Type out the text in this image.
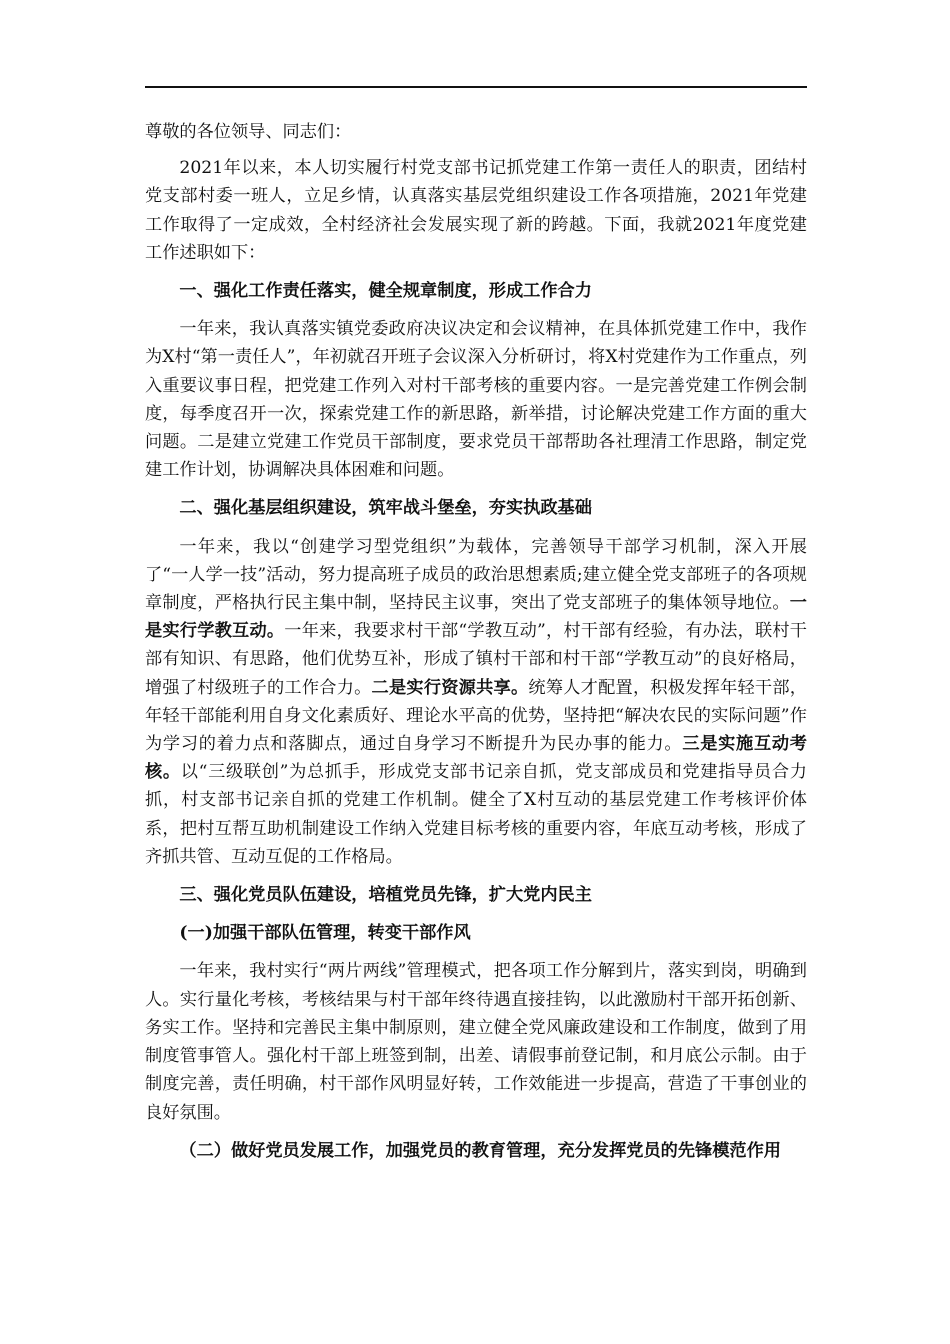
尊敬的各位领导、同志们：

2021年以来，本人切实履行村党支部书记抓党建工作第一责任人的职责，团结村党支部村委一班人，立足乡情，认真落实基层党组织建设工作各项措施，2021年党建工作取得了一定成效，全村经济社会发展实现了新的跨越。下面，我就2021年度党建工作述职如下：

一、强化工作责任落实，健全规章制度，形成工作合力

一年来，我认真落实镇党委政府决议决定和会议精神，在具体抓党建工作中，我作为X村“第一责任人”，年初就召开班子会议深入分析研讨，将X村党建作为工作重点，列入重要议事日程，把党建工作列入对村干部考核的重要内容。一是完善党建工作例会制度，每季度召开一次，探索党建工作的新思路，新举措，讨论解决党建工作方面的重大问题。二是建立党建工作党员干部制度，要求党员干部帮助各社理清工作思路，制定党建工作计划，协调解决具体困难和问题。

二、强化基层组织建设，筑牢战斗堡垒，夯实执政基础

一年来，我以“创建学习型党组织”为载体，完善领导干部学习机制，深入开展了“一人学一技”活动，努力提高班子成员的政治思想素质;建立健全党支部班子的各项规章制度，严格执行民主集中制，坚持民主议事，突出了党支部班子的集体领导地位。一是实行学教互动。一年来，我要求村干部“学教互动”，村干部有经验，有办法，联村干部有知识、有思路，他们优势互补，形成了镇村干部和村干部“学教互动”的良好格局，增强了村级班子的工作合力。二是实行资源共享。统筹人才配置，积极发挥年轻干部，年轻干部能利用自身文化素质好、理论水平高的优势，坚持把“解决农民的实际问题”作为学习的着力点和落脚点，通过自身学习不断提升为民办事的能力。三是实施互动考核。以“三级联创”为总抓手，形成党支部书记亲自抓，党支部成员和党建指导员合力抓，村支部书记亲自抓的党建工作机制。健全了X村互动的基层党建工作考核评价体系，把村互帮互助机制建设工作纳入党建目标考核的重要内容，年底互动考核，形成了齐抓共管、互动互促的工作格局。

三、强化党员队伍建设，培植党员先锋，扩大党内民主

(一)加强干部队伍管理，转变干部作风

一年来，我村实行“两片两线”管理模式，把各项工作分解到片，落实到岗，明确到人。实行量化考核，考核结果与村干部年终待遇直接挂钩，以此激励村干部开拓创新、务实工作。坚持和完善民主集中制原则，建立健全党风廉政建设和工作制度，做到了用制度管事管人。强化村干部上班签到制，出差、请假事前登记制，和月底公示制。由于制度完善，责任明确，村干部作风明显好转，工作效能进一步提高，营造了干事创业的良好氛围。

（二）做好党员发展工作，加强党员的教育管理，充分发挥党员的先锋模范作用
